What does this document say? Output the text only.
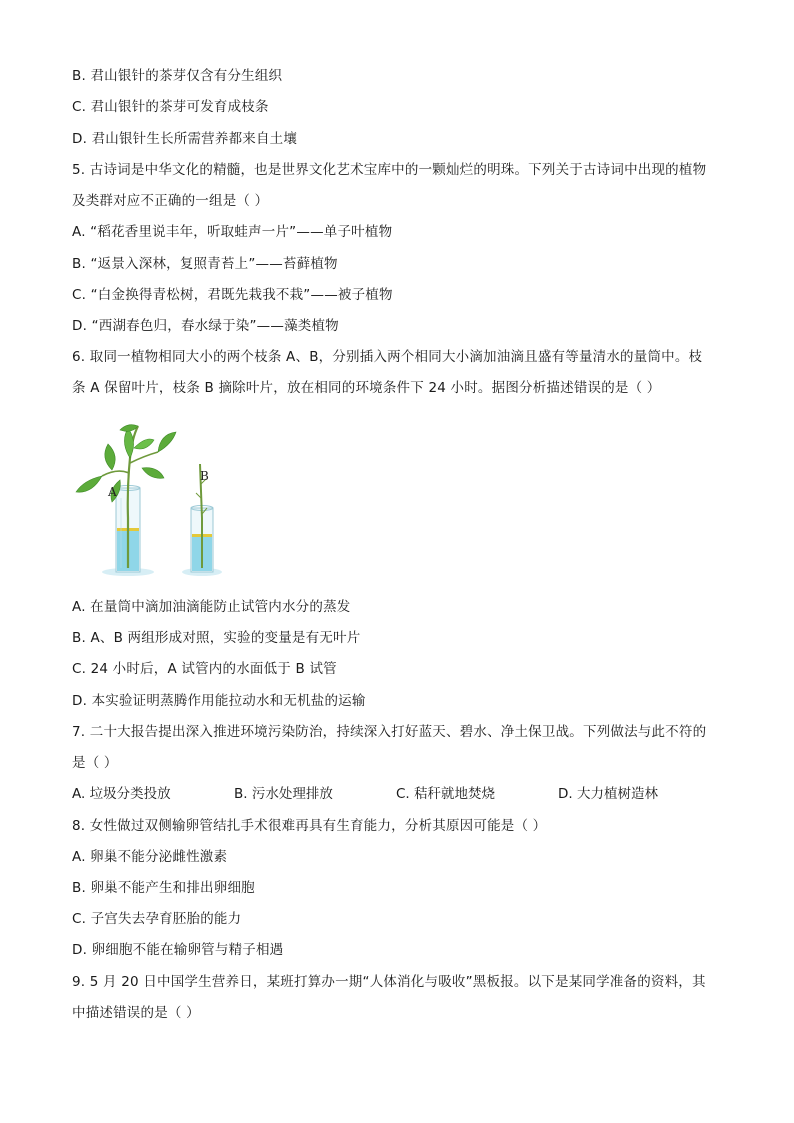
B. 君山银针的茶芽仅含有分生组织
C. 君山银针的茶芽可发育成枝条
D. 君山银针生长所需营养都来自土壤
5. 古诗词是中华文化的精髓，也是世界文化艺术宝库中的一颗灿烂的明珠。下列关于古诗词中出现的植物
及类群对应不正确的一组是（ ）
A. “稻花香里说丰年，听取蛙声一片”——单子叶植物
B. “返景入深林，复照青苔上”——苔藓植物
C. “白金换得青松树，君既先栽我不栽”——被子植物
D. “西湖春色归，春水绿于染”——藻类植物
6. 取同一植物相同大小的两个枝条 A、B，分别插入两个相同大小滴加油滴且盛有等量清水的量筒中。枝
条 A 保留叶片，枝条 B 摘除叶片，放在相同的环境条件下 24 小时。据图分析描述错误的是（ ）
A
B
A. 在量筒中滴加油滴能防止试管内水分的蒸发
B. A、B 两组形成对照，实验的变量是有无叶片
C. 24 小时后，A 试管内的水面低于 B 试管
D. 本实验证明蒸腾作用能拉动水和无机盐的运输
7. 二十大报告提出深入推进环境污染防治，持续深入打好蓝天、碧水、净土保卫战。下列做法与此不符的
是（ ）
A. 垃圾分类投放	B. 污水处理排放	C. 秸秆就地焚烧	D. 大力植树造林
8. 女性做过双侧输卵管结扎手术很难再具有生育能力，分析其原因可能是（ ）
A. 卵巢不能分泌雌性激素
B. 卵巢不能产生和排出卵细胞
C. 子宫失去孕育胚胎的能力
D. 卵细胞不能在输卵管与精子相遇
9. 5 月 20 日中国学生营养日，某班打算办一期“人体消化与吸收”黑板报。以下是某同学准备的资料，其
中描述错误的是（ ）
